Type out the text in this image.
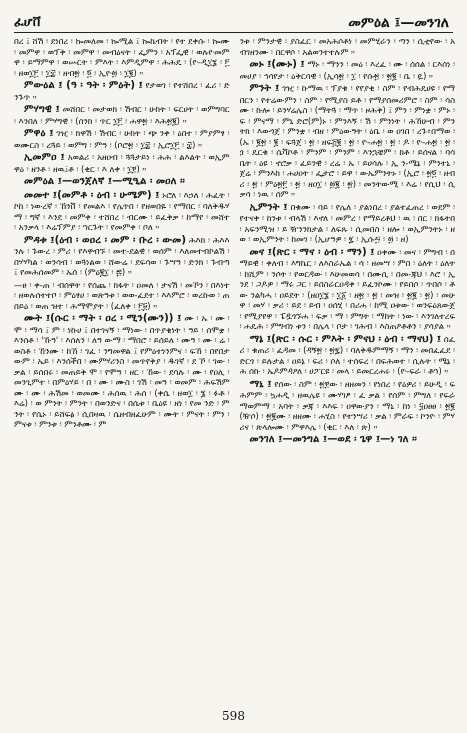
ፈሆቨ	መምዕል ፤—መንገለ

በረ ፤ ሸሽ ፡ ደነበረ ፡ ኰመለመ ፡ ኰሚል ፤ ኰኬብት ፡ የተ ደቀሱ ፡ ኰሙ ፡ መምዋ ፡ ወፕቅ ፡ መምዋ ፡ መብዕናት ፡ ፌምን ፡ አፕፌዊ ፡ ወሉዮመምዋ ፡ ይማምዋ ፡ ወሡርት ፡ ምእት ፡ እምዲምዋ ፡ ሕሕዴ ፡ (ዮ-ዲ፲፮ ፡ ፫ ፡ ዘወ፲፫ ፡ ፲፰ ፡ ዘብ፳ ፡ ፬ ፡ ኢዮ፴ ፡ ፲፪) ።

ምውዕል ፤ (ዓ ፡ ዓት ፡ ምዕት) ፤ የታወገ ፡ የተሸበረ ፡ ፈሪ ፡ ድንጉጥ ።

ምሃግዊ ፤ መሸበር ፡ መታወክ ፡ ሽብር ፡ ሁከት ፡ ፍርሀት ፡ ወምግባር ፡ እንበለ ፡ ምሃግዊ ፡ (ሰንክ ፡ ጥር ፲፫ ፡ ሐዋ፳ ፡ እሕ፳፪) ።

ምዋዕ ፤ ገዢ ፡ ክዋሽ ፡ ሽብር ፡ ሁከት ፡ ጭ ንቀ ፡ ዕበተ ፡ ምያምፃ ፡ ወሙርስ ፡ ረጓይ ፡ ወምግ ፡ ምዓ ፡ (ቦሮ፳ ፡ ፲፰ ፡ ኢሮ፲፫ ፡ ፰) ።

ኢመምዐ ፤ አወልሪ ፡ አዘዐብ ፡ ጓጓታይነ ፡ ሕሕ ፡ ልእልት ፡ ወኢምዋዕ ፡ ዘንቶ ፡ ዘዉ፤ቶ ፡ (ቂር ፡ እ ለቀ ፡ ፲፻) ።

መምዕል ፤—ወንጀለኛ ፤—ሚዒል ፡ መዐለ ።

መመተ ፤(መምቶ ፡ ዕብ ፡ ሁሜም) ፤ ኑሮለ ፡ እኃለ ፡ ሕፈት ፡ ኮከ ፡ ነውረኛ ፡ ኸንቨ ፡ የመልእ ፡ የሌጥበ ፡ የዘወበዬ ፡ የማበር ፡ ባለቅዱሃማ ፡ ግኛ ፡ እንደ ፡ መምቀ ፡ ተሸበረ ፡ ብርሙ ፡ ይፈቅቃ ፡ ከማየ ፡ መሸተ ፡ አንቃላ ፡ እሬፕምያ ፡ ኀርጉት ፡ የመምቀ ፡ ቦለ ።

ምዳቱ ፤(ዕብ ፡ ወዐረ ፡ መም ፡ ቡረ ፡ ውመ) ሕእክ ፡ ሕእእንሉ ፡ ጉውረ ፡ ምሪ ፡ የእዋብኙ ፡ መተ-ደልዊ ፡ ወሰም ፡ እለመተብኮልሽ ፡ በሃሃካል ፡ ወንሳብ ፡ ወጓነልወ ፡ ሸውሬ ፡ ደፍሳወ ፡ ጉሣዓ ፡ ድንክ ፡ ጉብጣ ፤ የመሕሰመም ፡ ኡሰ ፡ (ምዕ፪፲ ፡ ፷) ።

—ፀ ፡ ቀ-ጠ ፡ ብሰዋት ፡ የሰጨ ፡ ክፋት ፡ ዐመለ ፡ ታናሽ ፡ መኾን ፡ በእነተ ፡ ዘወሉሰተተቦ ፡ ምዕፃሀ ፡ ወጽዓቱ ፡ ወወ-ፈደተ ፡ እእምሮ ፡ ወረኩወ ፡ ጠበይዕ ፡ ወጠ ዝተ ፡ ሕማሞያት ፡ (ፈለቀ ፡ ፫፱) ።

ሙት ፤(ሱር ፡ ማት ፡ ዐረ ፡ ሚን(ሙን)) ፤ ሙ ፡ ኡ ፡ ሙ ፡ ሞ ፡ ማሳ ፤ ም ፡ ነኩሀ ፤ በተገናኝ ፡ ማነው ፡ በጥያቄነት ፡ ዓይ ፡ ሰሞቋ ፡ እንሰቶ ፡ 'ኹዓ' ፡ እሰለን ፡ ለዓ ውማ ፡ ማበሮ ፡ ይሰይለ ፡ ሙዓ ፡ ሙ ፡ ሬ ፡ ወስቶ ፡ ኸንሙ ፡ ከኸ ፡ ገፈ ፡ ንግመዋል ፤ የምዕተነንምና ፡ ፍኸ ፡ በየበታውም ፡ ኤይ ፡ እንሰችበ ፡ ሙምሃሪንስ ፡ መጥየቅያ ፡ ዱገኛ ፡ ደ ኾ ፡ ገው ፡ ቃል ፡ ይሰበሩ ፡ መጠይቅ ሞ ፡ የሞዓ ፡ ዘር ፡ ኸው ፡ ደሳሉ ፡ ሙ ፡ የዐሊ ፡ መንጊምተ ፡ በምዕሃይ ፡ በ ፡ ሙ ፡ ሙስ ፡ ገሽ ፡ መዓ ፡ ወመም ፡ ሕፍሽምሙ ፡ ሙ ፡ ሕሽመ ፡ ወመሙ ፡ ሕሰዉ ፡ ሕሰ ፡ (ቀሴ ፡ ዘወ፲ ፡ ፮ ፡ ፉቶ ፡ እሬ) ፡ ወ ምንት ፡ ምንት ፡ በወንድና ፡ በሴቱ ፡ ቤዕዩ ፡ ዘነ ፡ የመ ንድ ፡ ምንት ፡ የሴኑ ፡ ይሸፍፅ ፡ ሲበዛዉ ፡ ሴዘብዘፈሁም ፡ ሙት ፡ ምናት ፡ ምን ፡ ምናቱ ፡ ምንቱ ፡ ምንቶሙ ፡ ም

ንቱ ፡ ምንታዊ ፡ ያስፈር ፡ መአሕሶቶነ ፡ መምሂራን ፡ ጣን ፡ ሲቲየው ፡ አብገዘንሙ ፡ በርዋሶ ፡ አልወንተተሉም ።

መኑ ፤(ሙኑ) ፤ ማኑ ፡ ማንን ፡ መዕ ፡ እረፈ ፡ ሙ ፡ ሰሰል ፡ ርእሰነ ፡ መሀያ ፡ ኅሳየታ ፡ ዕቅርሳዊ ፡ (ኢሳ፳ ፡ ፲ ፡ የሱ፳ ፡ ፳፪ ፡ ቤ ፡ ዪ) ።

ምንት ፤ ገዢ ፡ ኩማዉ ፡ ፕያቁ ፡ የየያቂ ፡ ስም ፡ የብሕዴሀዩ ፡ የማበርን ፡ የተሬውምን ፡ ስም ፡ የሚያስ ይቶ ፡ የማያሰመሪምሮ ፡ ስም ፡ ሳስሙ ፡ ኩሎ ፡ ይንሃሬሌስ ፡ (ማትጓ ፡ ማጥ ፡ ዞሕቅ) ፤ ምን ፡ ምነቋ ፡ ምኑ ፡ ፍ ፡ ምናማ ፡ ምኒ ድሮ(ም)ኑ ፡ ምንእኝ ፡ ሽ ፡ ምንነት ፡ ሕኸሁብ ፡ ምን ትክ ፡ እውጎጀ ፡ ምንቋ ፡ ብዘ ፡ ምዕውዓት ፡ ዕቤ ፡ ወ ዐገበ ፡ ረጉ፥በማወ ፡ (ኡ ፡ ፪፳ ፡ ፪ ፡ ፍጓጀ ፡ ፳ ፡ ዘፍ፭፪ ፡ ፳ ፡ ዮ-ሐ፳ ፡ ፳ ፡ ዶ ፡ ዮ-ሐ፳ ፡ ፳ ፡ ጏ ፡ ዴርቁ ፡ ሴቫኮቶ ፡ ምንም ፡ ምንም ፡ እንኋቼም ፡ ክቶ ፡ ይሰናል ፡ ባሳ ቤት ፡ ዕዩ ፡ ኖሮቃ ፡ ፈይንዊ ፡ ረሬ ፡ ኡ ፡ ይሀሳሉ ፡ ኢ ን-ሜኔ ፡ ምንተኒ ፡ ጀሬ ፡ ምንእከ ፡ ሐሀዐት ፡ ፌታሮ ፡ ይዋ ፡ ውኤምንትኑ ፡ (ኢሮ ፡ ፳፬ ፡ ዘብሪ ፡ ፳ ፡ ምዕ፳፫ ፡ ፳ ፡ ዘዐ፲ ፡ ፴፪ ፡ ፳) ፡ መንትውሚ ፡ እሬ ፡ የሲህ ፡ ሲቃሳ ፡ ነዉ ፡ ሰም ።

ኢምንት ፤ በቁሙ ፡ ባይ ፡ የሌለ ፡ ያልነበረ ፡ ያልተፈጠረ ፡ ወደም ፡ የተናቀ ፡ ከንቱ ፡ ብላሽ ፡ እኖለ ፡ መምረ ፡ የማይረቶህ ፡ ዉ ፡ በር ፡ ክፋትበ ፡ አፍንሚዝ ፡ ይ ዥንንክታል ፡ ለፍጹ ፡ ሲመበስ ፡ ዘሎ ፡ ወኢምንትኑ ፡ ዘወ ፡ ወኢምንት ፡ ከመገ ፡ (ኢሆዓዎ ፡ ፯ ፡ ኢሱ፵ ፡ ፴ ፡ ዘ)

መና ፤(ጽር ፡ ማና ፡ ዕብ ፡ ማን) ፤ ዐቀሙ ፡ መና ፡ ምግብ ፡ በማይዊ ፡ ቀለብ ፡ እግኬር ፡ ለእስራኤል ፡ ሳ ፡ ዘመሣ ፡ ምበ ፡ ዕለት ፡ ዕለት ፡ ከሺም ፡ ንሶት ፡ የወርዳው ፡ እሁመወሳ ፡ በሙሲ ፡ በመ-ጃህ ፡ እሮ ፡ ኢንደ ፡ ጋዶዎ ፡ ማሩ ጋር ፡ ይበስራርዐዳቀ ፡ ይፈንኮሙ ፡ የይበሶ ፡ ጥበሶ ፡ ቶው ንልካሓ ፡ ዐይደት ፡ (ዘዐ፲፮ ፡ ፲፩ ፡ ዘ፳ ፡ ፳ ፡ መዝ ፡ ፳፪ ፡ ፳) ፡ መሁዋ ፡ መሃ ፡ ቃሪ ፡ ይደ ፡ ይብ ፡ ዐሰሂ ፡ በሪሐ ፡ ከሚ ዐቱው ፡ ወንፍዕጸውጀ ፡ የሚያየዋ ፡ ፔዷጎኙሐ ፡ ፍቃ ፡ ማ ፡ ምግት ፡ ማከት ፡ ነው ፡ እንገለተረፍ ፡ ሐዴሕ ፡ ምግብነ ቱን ፡ በሌላ ፡ ቦታ ፡ ገሕብ ፡ እስጠዖቶቶን ፡ ያሳያል ።

ማኔ ፤(ጽር ፡ ሱር ፡ ምእት ፡ ምናህ ፡ ዕብ ፡ ማናህ) ፤ ሰፈሪ ፡ ቁጠሪ ፡ ፈዳመ ፡ (ዳኝ፳ ፡ ፳፯) ፡ ባለቅዱምማኝ ፡ ማን ፡ መበፈፈደ ፡ ድርጎ ፡ ይሉታል ፡ ዐይኔ ፡ ፍሪ ፡ ሶለ ፡ ተሰፍረ ፡ በፍሕወተ ፡ ሲሉት ፡ ሜኔ ፡ ሕ ሰኩ ፡ ኤዶምዳዖለ ፡ ሀፖርዩ ፡ መላ ፡ ይመርረሐሩ ፡ (ዮ-ፍራ ፡ ቶኀ) ።

ማኒ ፤ የሰው ፡ ስም ፡ ፳፻ው ፡ ዘዘመን ፡ የነበረ ፡ የዕዎሪ ፡ ይሁዲ ፡ ፍሕምም ፡ ኳሐዲ ፡ ዘዉሌዩ ፡ ሙሃገፆ ፡ ፈ ቃል ፡ የሰም ፡ ምግለ ፡ የፍራማወምማ ፡ አባት ፡ ቃጃ ፡ እእፍ ፡ ዐዋውያን ፡ ማኒ ፡ ከነ ፡ ፶ዐፀፀ ፡ ፳፪ (ዥሶ) ፡ ፳፪ሙ ፡ ዘዘሙ ፡ ሐሂስ ፡ የተንሣሪ ፡ ቃል ፡ ምራፍ ፡ ኮንዮ ፡ ምሃሪና ፡ ጽላሎሙ ፡ ምዋእሌ ፡ (ቂር ፡ እለ ፡ ጽ) ።

መንገለ ፤—መንግል ፤—ወደ ፡ ጌዋ ፤—ነ ገለ ።

598
